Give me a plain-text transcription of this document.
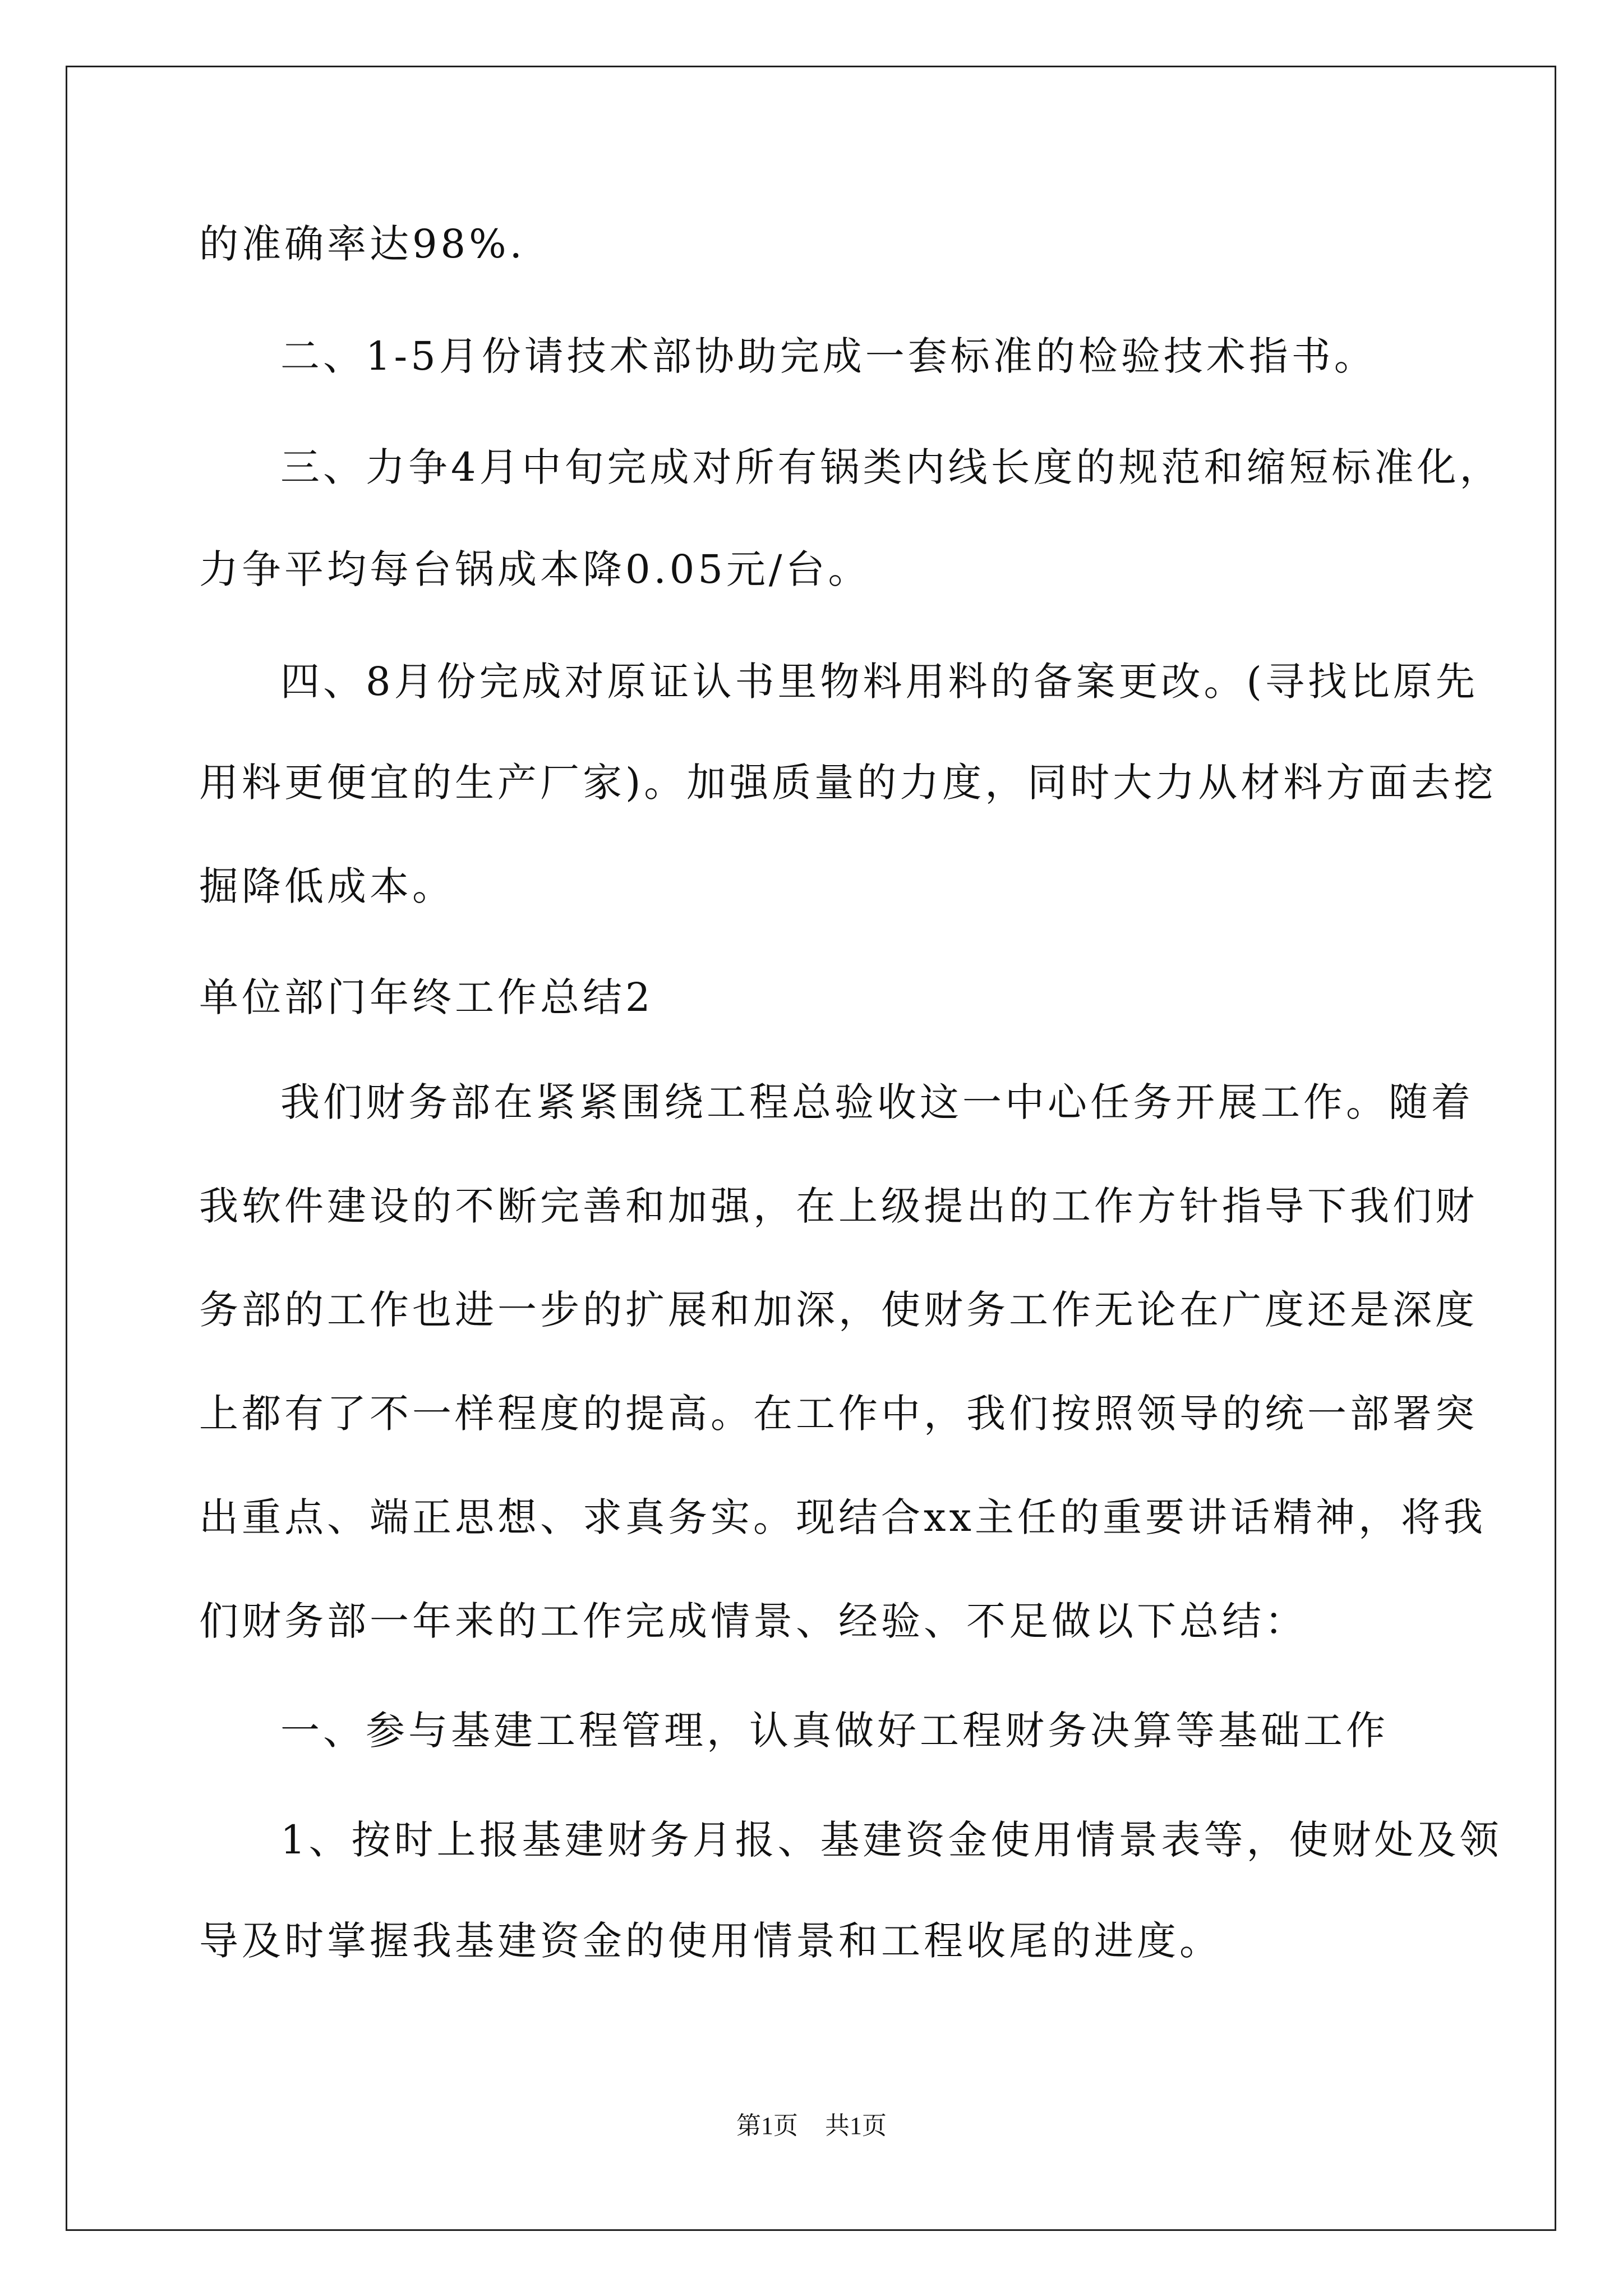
的准确率达98%.
二、1-5月份请技术部协助完成一套标准的检验技术指书。
三、力争4月中旬完成对所有锅类内线长度的规范和缩短标准化，
力争平均每台锅成本降0.05元/台。
四、8月份完成对原证认书里物料用料的备案更改。(寻找比原先
用料更便宜的生产厂家)。加强质量的力度，同时大力从材料方面去挖
掘降低成本。
单位部门年终工作总结2
我们财务部在紧紧围绕工程总验收这一中心任务开展工作。随着
我软件建设的不断完善和加强，在上级提出的工作方针指导下我们财
务部的工作也进一步的扩展和加深，使财务工作无论在广度还是深度
上都有了不一样程度的提高。在工作中，我们按照领导的统一部署突
出重点、端正思想、求真务实。现结合xx主任的重要讲话精神，将我
们财务部一年来的工作完成情景、经验、不足做以下总结：
一、参与基建工程管理，认真做好工程财务决算等基础工作
1、按时上报基建财务月报、基建资金使用情景表等，使财处及领
导及时掌握我基建资金的使用情景和工程收尾的进度。
第1页 共1页
